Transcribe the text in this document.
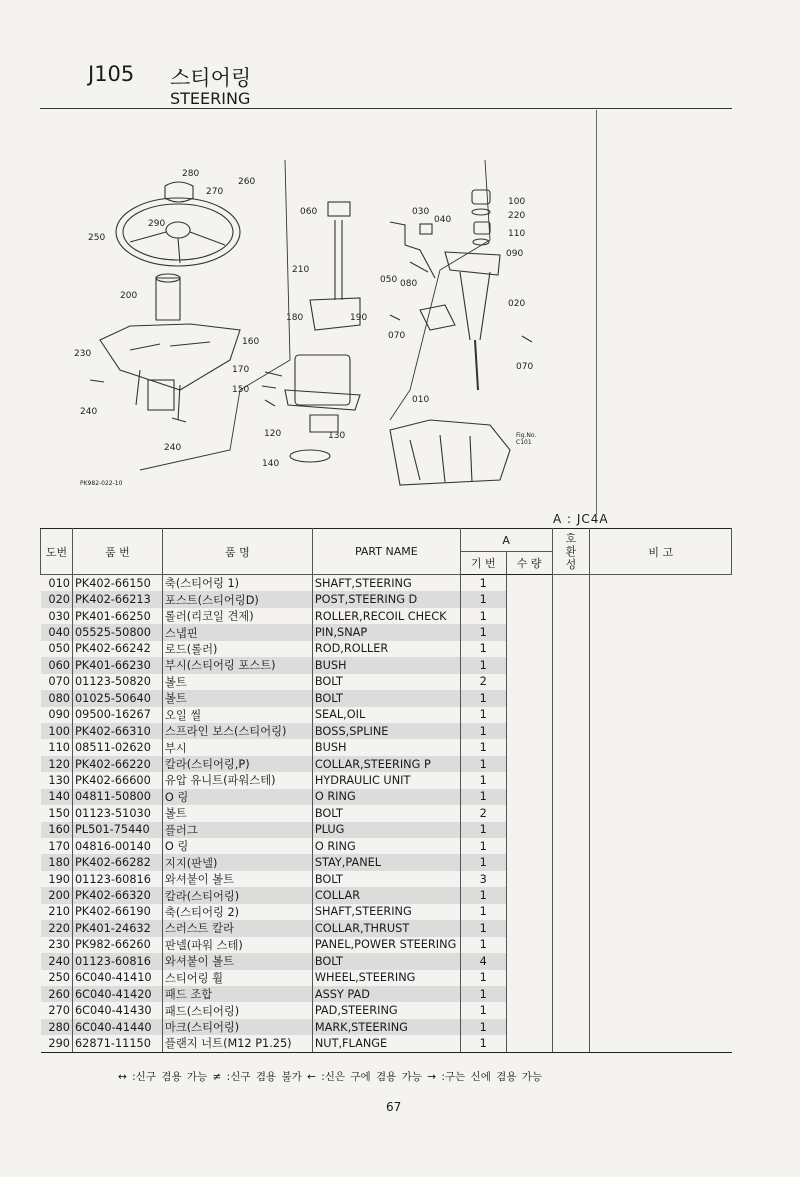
J105 스티어링
STEERING
280
270
260
290
250
200
230
240
240
060
210
180	190
160
170
150
120	130
140
030
040
100
220
110
090
050 080
020
070
070
010
PK982-022-10
Fig.No.
C101
A : JC4A
도번	품 번	품 명	PART NAME	A		호
환
성	비 고
				기 번	수 량		
010	PK402-66150	축(스티어링 1)	SHAFT,STEERING	1			
020	PK402-66213	포스트(스티어링D)	POST,STEERING D	1			
030	PK401-66250	롤러(리코일 견제)	ROLLER,RECOIL CHECK	1			
040	05525-50800	스냅핀	PIN,SNAP	1			
050	PK402-66242	로드(롤러)	ROD,ROLLER	1			
060	PK401-66230	부시(스티어링 포스트)	BUSH	1			
070	01123-50820	볼트	BOLT	2			
080	01025-50640	볼트	BOLT	1			
090	09500-16267	오일 씰	SEAL,OIL	1			
100	PK402-66310	스프라인 보스(스티어링)	BOSS,SPLINE	1			
110	08511-02620	부시	BUSH	1			
120	PK402-66220	칼라(스티어링,P)	COLLAR,STEERING P	1			
130	PK402-66600	유압 유니트(파워스테)	HYDRAULIC UNIT	1			
140	04811-50800	O 링	O RING	1			
150	01123-51030	볼트	BOLT	2			
160	PL501-75440	플러그	PLUG	1			
170	04816-00140	O 링	O RING	1			
180	PK402-66282	지지(판넬)	STAY,PANEL	1			
190	01123-60816	와셔붙이 볼트	BOLT	3			
200	PK402-66320	칼라(스티어링)	COLLAR	1			
210	PK402-66190	축(스티어링 2)	SHAFT,STEERING	1			
220	PK401-24632	스러스트 칼라	COLLAR,THRUST	1			
230	PK982-66260	판넬(파워 스테)	PANEL,POWER STEERING	1			
240	01123-60816	와셔붙이 볼트	BOLT	4			
250	6C040-41410	스티어링 휠	WHEEL,STEERING	1			
260	6C040-41420	패드 조합	ASSY PAD	1			
270	6C040-41430	패드(스티어링)	PAD,STEERING	1			
280	6C040-41440	마크(스티어링)	MARK,STEERING	1			
290	62871-11150	플랜지 너트(M12 P1.25)	NUT,FLANGE	1			
↔ :신구 겸용 가능 ≠ :신구 겸용 불가 ← :신은 구에 겸용 가능 → :구는 신에 겸용 가능
67
